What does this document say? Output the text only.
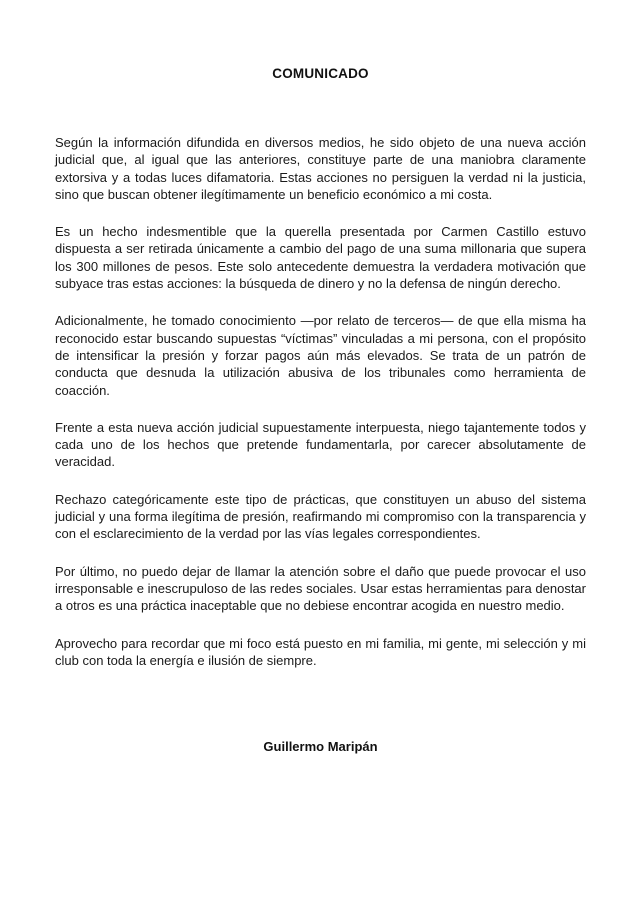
COMUNICADO

Según la información difundida en diversos medios, he sido objeto de una nueva acción judicial que, al igual que las anteriores, constituye parte de una maniobra claramente extorsiva y a todas luces difamatoria. Estas acciones no persiguen la verdad ni la justicia, sino que buscan obtener ilegítimamente un beneficio económico a mi costa.

Es un hecho indesmentible que la querella presentada por Carmen Castillo estuvo dispuesta a ser retirada únicamente a cambio del pago de una suma millonaria que supera los 300 millones de pesos. Este solo antecedente demuestra la verdadera motivación que subyace tras estas acciones: la búsqueda de dinero y no la defensa de ningún derecho.

Adicionalmente, he tomado conocimiento —por relato de terceros— de que ella misma ha reconocido estar buscando supuestas “víctimas” vinculadas a mi persona, con el propósito de intensificar la presión y forzar pagos aún más elevados. Se trata de un patrón de conducta que desnuda la utilización abusiva de los tribunales como herramienta de coacción.

Frente a esta nueva acción judicial supuestamente interpuesta, niego tajantemente todos y cada uno de los hechos que pretende fundamentarla, por carecer absolutamente de veracidad.

Rechazo categóricamente este tipo de prácticas, que constituyen un abuso del sistema judicial y una forma ilegítima de presión, reafirmando mi compromiso con la transparencia y con el esclarecimiento de la verdad por las vías legales correspondientes.

Por último, no puedo dejar de llamar la atención sobre el daño que puede provocar el uso irresponsable e inescrupuloso de las redes sociales. Usar estas herramientas para denostar a otros es una práctica inaceptable que no debiese encontrar acogida en nuestro medio.

Aprovecho para recordar que mi foco está puesto en mi familia, mi gente, mi selección y mi club con toda la energía e ilusión de siempre.

Guillermo Maripán
